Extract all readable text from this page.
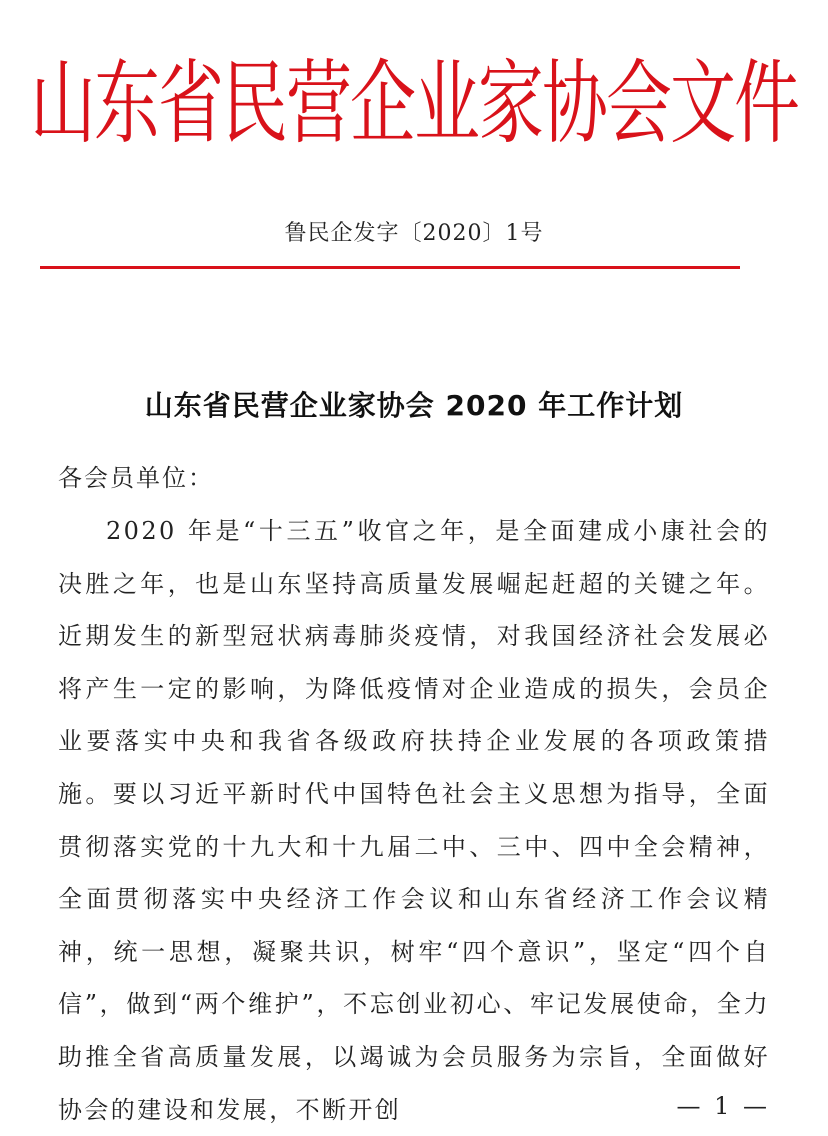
山东省民营企业家协会文件
鲁民企发字〔2020〕1号
山东省民营企业家协会 2020 年工作计划
各会员单位：

2020 年是“十三五”收官之年，是全面建成小康社会的决胜之年，也是山东坚持高质量发展崛起赶超的关键之年。近期发生的新型冠状病毒肺炎疫情，对我国经济社会发展必将产生一定的影响，为降低疫情对企业造成的损失，会员企业要落实中央和我省各级政府扶持企业发展的各项政策措施。要以习近平新时代中国特色社会主义思想为指导，全面贯彻落实党的十九大和十九届二中、三中、四中全会精神，全面贯彻落实中央经济工作会议和山东省经济工作会议精神，统一思想，凝聚共识，树牢“四个意识”，坚定“四个自信”，做到“两个维护”，不忘创业初心、牢记发展使命，全力助推全省高质量发展，以竭诚为会员服务为宗旨，全面做好协会的建设和发展，不断开创	— 1 —
